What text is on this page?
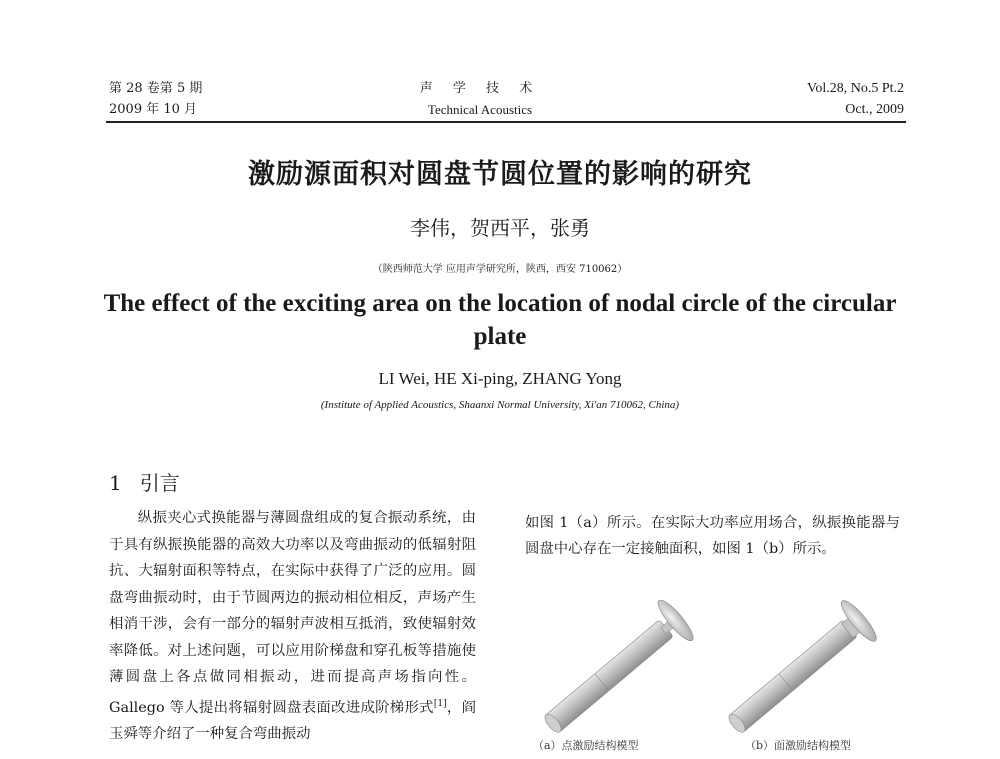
第 28 卷第 5 期
2009 年 10 月
声 学 技 术
Technical Acoustics
Vol.28, No.5 Pt.2
Oct., 2009
激励源面积对圆盘节圆位置的影响的研究
李伟，贺西平，张勇
（陕西师范大学 应用声学研究所，陕西，西安 710062）
The effect of the exciting area on the location of nodal circle of the circular plate
LI Wei, HE Xi-ping, ZHANG Yong
(Institute of Applied Acoustics, Shaanxi Normal University, Xi'an 710062, China)
1 引言
纵振夹心式换能器与薄圆盘组成的复合振动系统，由于具有纵振换能器的高效大功率以及弯曲振动的低辐射阻抗、大辐射面积等特点，在实际中获得了广泛的应用。圆盘弯曲振动时，由于节圆两边的振动相位相反，声场产生相消干涉，会有一部分的辐射声波相互抵消，致使辐射效率降低。对上述问题，可以应用阶梯盘和穿孔板等措施使薄圆盘上各点做同相振动，进而提高声场指向性。Gallego 等人提出将辐射圆盘表面改进成阶梯形式[1]，阎玉舜等介绍了一种复合弯曲振动
如图 1（a）所示。在实际大功率应用场合，纵振换能器与圆盘中心存在一定接触面积，如图 1（b）所示。
（a）点激励结构模型	（b）面激励结构模型
